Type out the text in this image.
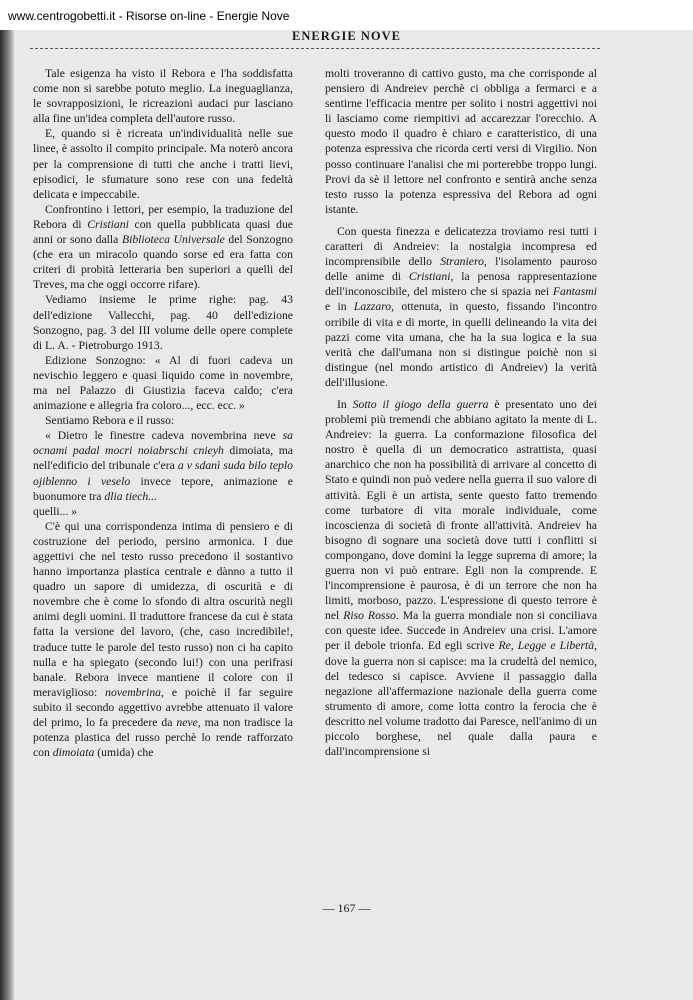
www.centrogobetti.it - Risorse on-line - Energie Nove
ENERGIE NOVE

Tale esigenza ha visto il Rebora e l'ha soddisfatta come non si sarebbe potuto meglio. La ineguaglianza, le sovrapposizioni, le ricreazioni audaci pur lasciano alla fine un'idea completa dell'autore russo.

E, quando si è ricreata un'individualità nelle sue linee, è assolto il compito principale. Ma noterò ancora per la comprensione di tutti che anche i tratti lievi, episodici, le sfumature sono rese con una fedeltà delicata e impeccabile.

Confrontino i lettori, per esempio, la traduzione del Rebora di Cristiani con quella pubblicata quasi due anni or sono dalla Biblioteca Universale del Sonzogno (che era un miracolo quando sorse ed era fatta con criteri di probità letteraria ben superiori a quelli del Treves, ma che oggi occorre rifare).

Vediamo insieme le prime righe: pag. 43 dell'edizione Vallecchi, pag. 40 dell'edizione Sonzogno, pag. 3 del III volume delle opere complete di L. A. - Pietroburgo 1913.

Edizione Sonzogno: « Al di fuori cadeva un nevischio leggero e quasi liquido come in novembre, ma nel Palazzo di Giustizia faceva caldo; c'era animazione e allegria fra coloro..., ecc. ecc. »

Sentiamo Rebora e il russo:

« Dietro le finestre cadeva novembrina neve sa ocnami padal mocri noiabrschi cnieyh dimoiata, ma nell'edificio del tribunale c'era a v sdanì suda bilo teplo ojiblenno i veselo invece tepore, animazione e buonumore tra dlia tiech...

quelli... »

C'è qui una corrispondenza intima di pensiero e di costruzione del periodo, persino armonica. I due aggettivi che nel testo russo precedono il sostantivo hanno importanza plastica centrale e dànno a tutto il quadro un sapore di umidezza, di oscurità e di novembre che è come lo sfondo di altra oscurità negli animi degli uomini. Il traduttore francese da cui è stata fatta la versione del lavoro, (che, caso incredibile!, traduce tutte le parole del testo russo) non ci ha capito nulla e ha spiegato (secondo lui!) con una perifrasi banale. Rebora invece mantiene il colore con il meraviglioso: novembrina, e poichè il far seguire subito il secondo aggettivo avrebbe attenuato il valore del primo, lo fa precedere da neve, ma non tradisce la potenza plastica del russo perchè lo rende rafforzato con dimoiata (umida) che

molti troveranno di cattivo gusto, ma che corrisponde al pensiero di Andreiev perchè ci obbliga a fermarci e a sentirne l'efficacia mentre per solito i nostri aggettivi noi li lasciamo come riempitivi ad accarezzar l'orecchio. A questo modo il quadro è chiaro e caratteristico, di una potenza espressiva che ricorda certi versi di Virgilio. Non posso continuare l'analisi che mi porterebbe troppo lungi. Provi da sè il lettore nel confronto e sentirà anche senza testo russo la potenza espressiva del Rebora ad ogni istante.

Con questa finezza e delicatezza troviamo resi tutti i caratteri di Andreiev: la nostalgia incompresa ed incomprensibile dello Straniero, l'isolamento pauroso delle anime di Cristiani, la penosa rappresentazione dell'inconoscibile, del mistero che si spazia nei Fantasmi e in Lazzaro, ottenuta, in questo, fissando l'incontro orribile di vita e di morte, in quelli delineando la vita dei pazzi come vita umana, che ha la sua logica e la sua verità che dall'umana non si distingue poichè non si distingue (nel mondo artistico di Andreiev) la verità dell'illusione.

In Sotto il giogo della guerra è presentato uno dei problemi più tremendi che abbiano agitato la mente di L. Andreiev: la guerra. La conformazione filosofica del nostro è quella di un democratico astrattista, quasi anarchico che non ha possibilità di arrivare al concetto di Stato e quindi non può vedere nella guerra il suo valore di attività. Egli è un artista, sente questo fatto tremendo come turbatore di vita morale individuale, come incoscienza di società di fronte all'attività. Andreiev ha bisogno di sognare una società dove tutti i conflitti si compongano, dove domini la legge suprema di amore; la guerra non vi può entrare. Egli non la comprende. E l'incomprensione è paurosa, è di un terrore che non ha limiti, morboso, pazzo. L'espressione di questo terrore è nel Riso Rosso. Ma la guerra mondiale non si conciliava con queste idee. Succede in Andreiev una crisi. L'amore per il debole trionfa. Ed egli scrive Re, Legge e Libertà, dove la guerra non si capisce: ma la crudeltà del nemico, del tedesco si capisce. Avviene il passaggio dalla negazione all'affermazione nazionale della guerra come strumento di amore, come lotta contro la ferocia che è descritto nel volume tradotto dai Paresce, nell'animo di un piccolo borghese, nel quale dalla paura e dall'incomprensione si

— 167 —
